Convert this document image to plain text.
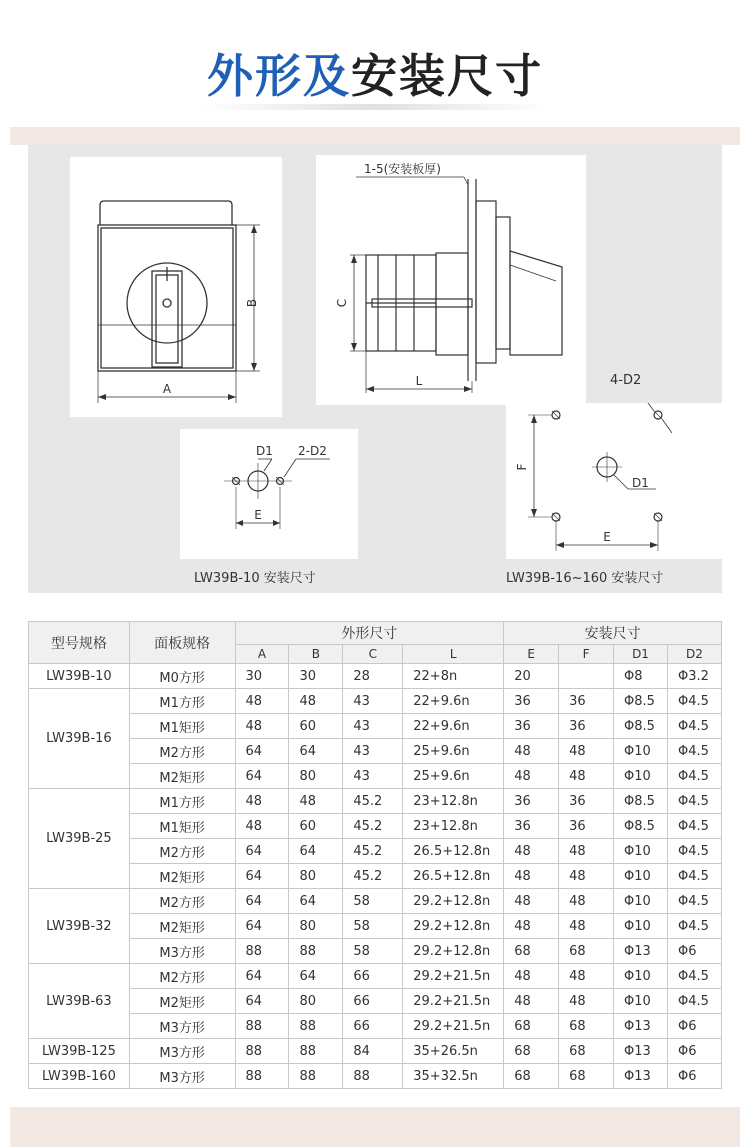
外形及安装尺寸
B
A
1-5(安装板厚)
C
L
D1 2-D2
E
F
E
D1
4-D2
LW39B-10 安装尺寸	LW39B-16~160 安装尺寸
型号规格	面板规格	外形尺寸				安装尺寸			
		A	B	C	L	E	F	D1	D2
LW39B-10	M0方形	30	30	28	22+8n	20		Φ8	Φ3.2
LW39B-16	M1方形	48	48	43	22+9.6n	36	36	Φ8.5	Φ4.5
	M1矩形	48	60	43	22+9.6n	36	36	Φ8.5	Φ4.5
	M2方形	64	64	43	25+9.6n	48	48	Φ10	Φ4.5
	M2矩形	64	80	43	25+9.6n	48	48	Φ10	Φ4.5
LW39B-25	M1方形	48	48	45.2	23+12.8n	36	36	Φ8.5	Φ4.5
	M1矩形	48	60	45.2	23+12.8n	36	36	Φ8.5	Φ4.5
	M2方形	64	64	45.2	26.5+12.8n	48	48	Φ10	Φ4.5
	M2矩形	64	80	45.2	26.5+12.8n	48	48	Φ10	Φ4.5
LW39B-32	M2方形	64	64	58	29.2+12.8n	48	48	Φ10	Φ4.5
	M2矩形	64	80	58	29.2+12.8n	48	48	Φ10	Φ4.5
	M3方形	88	88	58	29.2+12.8n	68	68	Φ13	Φ6
LW39B-63	M2方形	64	64	66	29.2+21.5n	48	48	Φ10	Φ4.5
	M2矩形	64	80	66	29.2+21.5n	48	48	Φ10	Φ4.5
	M3方形	88	88	66	29.2+21.5n	68	68	Φ13	Φ6
LW39B-125	M3方形	88	88	84	35+26.5n	68	68	Φ13	Φ6
LW39B-160	M3方形	88	88	88	35+32.5n	68	68	Φ13	Φ6
